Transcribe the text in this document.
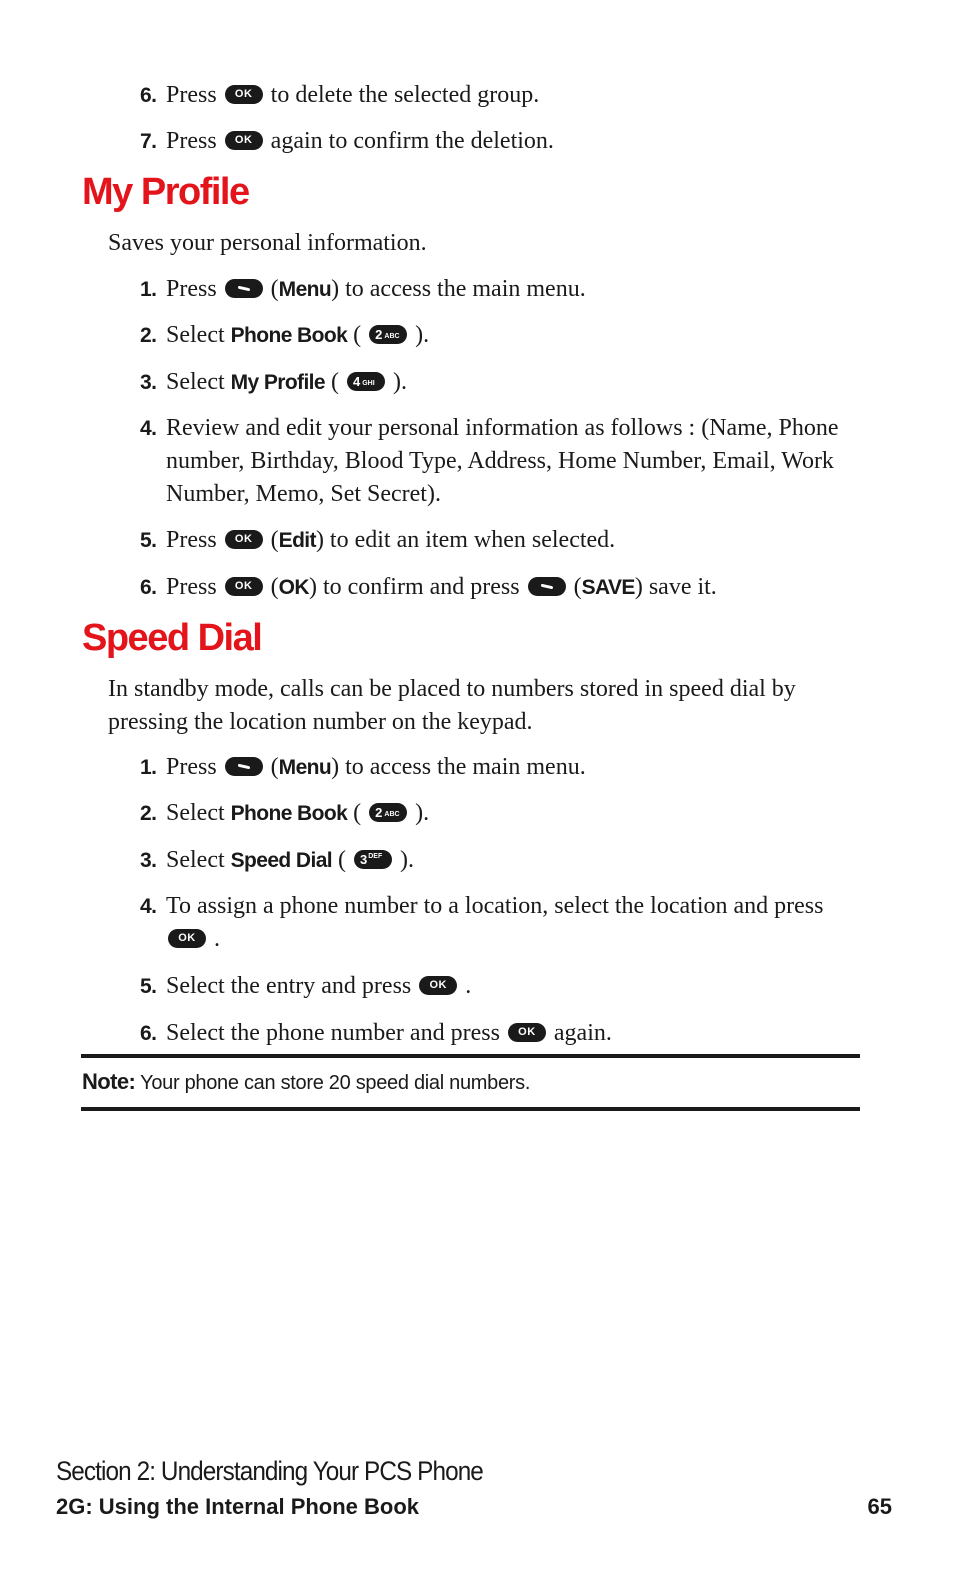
6. Press OK to delete the selected group.
7. Press OK again to confirm the deletion.
My Profile

Saves your personal information.

1. Press (Menu) to access the main menu.
2. Select Phone Book ( 2 ABC ).
3. Select My Profile ( 4 GHI ).
4. Review and edit your personal information as follows : (Name, Phone number, Birthday, Blood Type, Address, Home Number, Email, Work Number, Memo, Set Secret).
5. Press OK (Edit) to edit an item when selected.
6. Press OK (OK) to confirm and press (SAVE) save it.
Speed Dial

In standby mode, calls can be placed to numbers stored in speed dial by pressing the location number on the keypad.

1. Press (Menu) to access the main menu.
2. Select Phone Book ( 2 ABC ).
3. Select Speed Dial ( $3^{DEF}$ ).
4. To assign a phone number to a location, select the location and press OK .
5. Select the entry and press OK .
6. Select the phone number and press OK again.
Note: Your phone can store 20 speed dial numbers.
Section 2: Understanding Your PCS Phone
2G: Using the Internal Phone Book	65
